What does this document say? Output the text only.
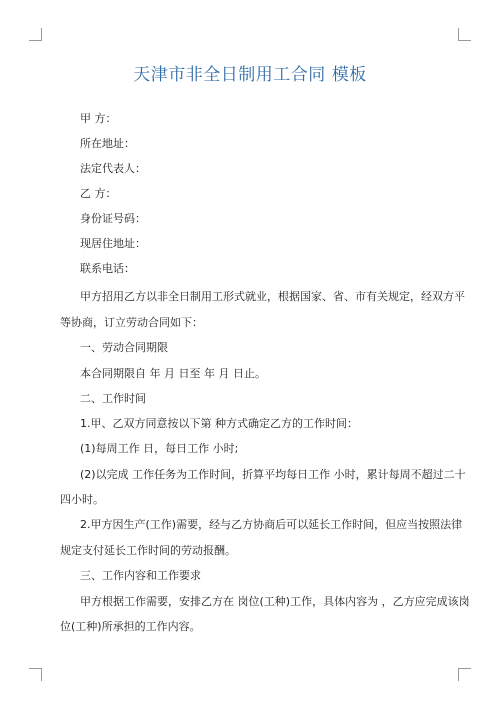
天津市非全日制用工合同 模板
甲 方：
所在地址：
法定代表人：
乙 方：
身份证号码：
现居住地址：
联系电话：
甲方招用乙方以非全日制用工形式就业，根据国家、省、市有关规定，经双方平
等协商，订立劳动合同如下：
一、劳动合同期限
本合同期限自 年 月 日至 年 月 日止。
二、工作时间
1.甲、乙双方同意按以下第 种方式确定乙方的工作时间：
(1)每周工作 日，每日工作 小时;
(2)以完成 工作任务为工作时间，折算平均每日工作 小时，累计每周不超过二十
四小时。
2.甲方因生产(工作)需要，经与乙方协商后可以延长工作时间，但应当按照法律
规定支付延长工作时间的劳动报酬。
三、工作内容和工作要求
甲方根据工作需要，安排乙方在 岗位(工种)工作，具体内容为 ，乙方应完成该岗
位(工种)所承担的工作内容。
